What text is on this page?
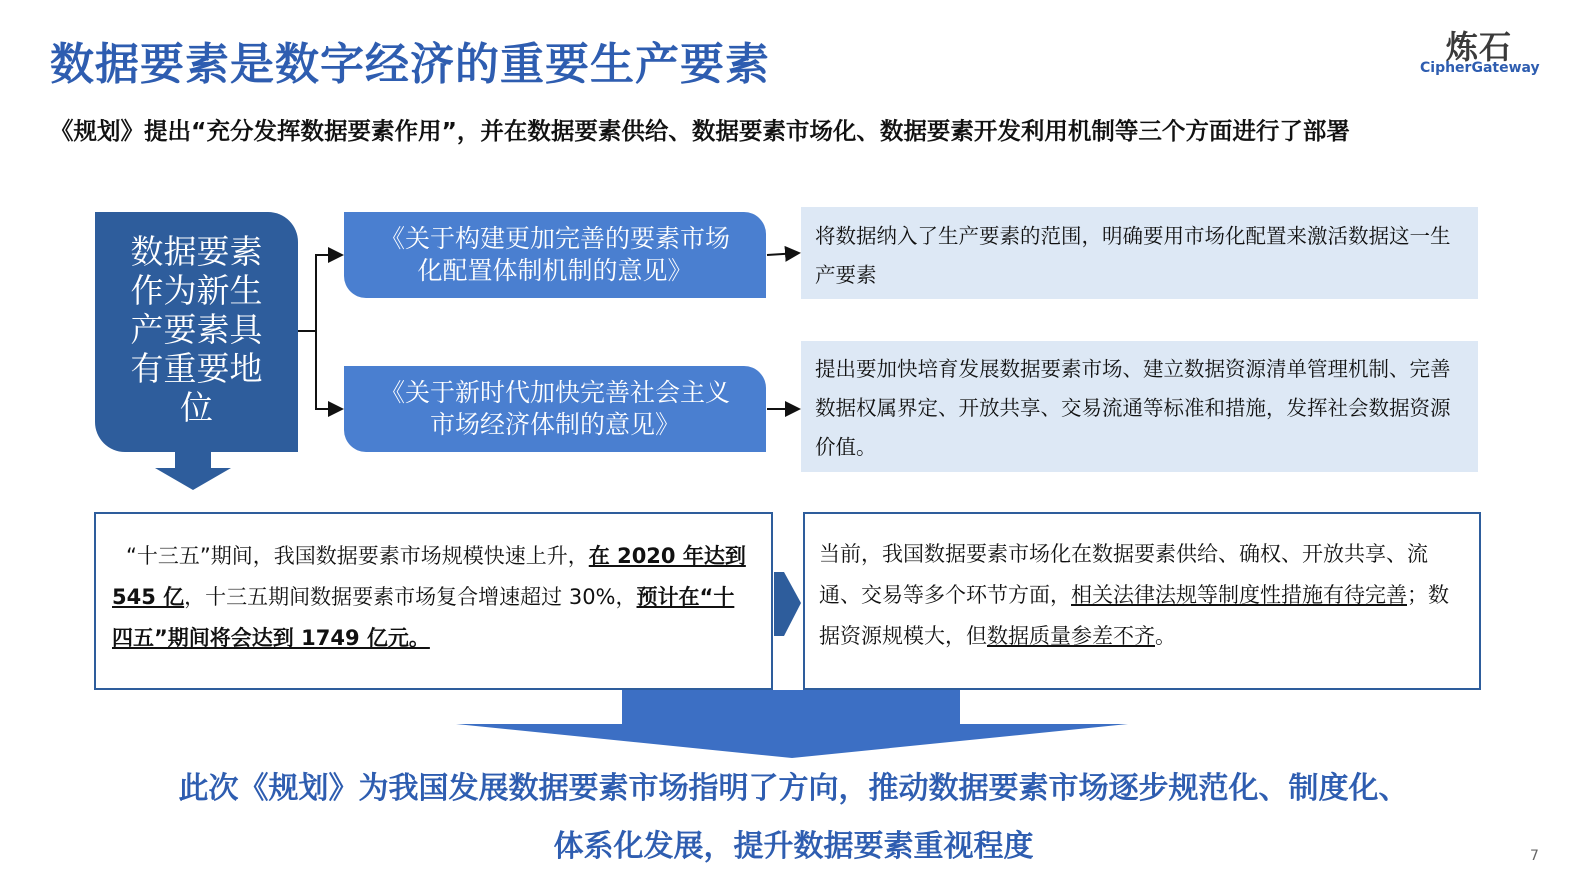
数据要素是数字经济的重要生产要素	炼石
CipherGateway
《规划》提出“充分发挥数据要素作用”，并在数据要素供给、数据要素市场化、数据要素开发利用机制等三个方面进行了部署
数据要素
作为新生
产要素具
有重要地
位
《关于构建更加完善的要素市场
化配置体制机制的意见》
《关于新时代加快完善社会主义
市场经济体制的意见》
将数据纳入了生产要素的范围，明确要用市场化配置来激活数据这一生产要素
提出要加快培育发展数据要素市场、建立数据资源清单管理机制、完善数据权属界定、开放共享、交易流通等标准和措施，发挥社会数据资源价值。
“十三五”期间，我国数据要素市场规模快速上升，在 2020 年达到 545 亿，十三五期间数据要素市场复合增速超过 30%，预计在“十四五”期间将会达到 1749 亿元。
当前，我国数据要素市场化在数据要素供给、确权、开放共享、流通、交易等多个环节方面，相关法律法规等制度性措施有待完善；数据资源规模大，但数据质量参差不齐。
此次《规划》为我国发展数据要素市场指明了方向，推动数据要素市场逐步规范化、制度化、
体系化发展，提升数据要素重视程度	7
